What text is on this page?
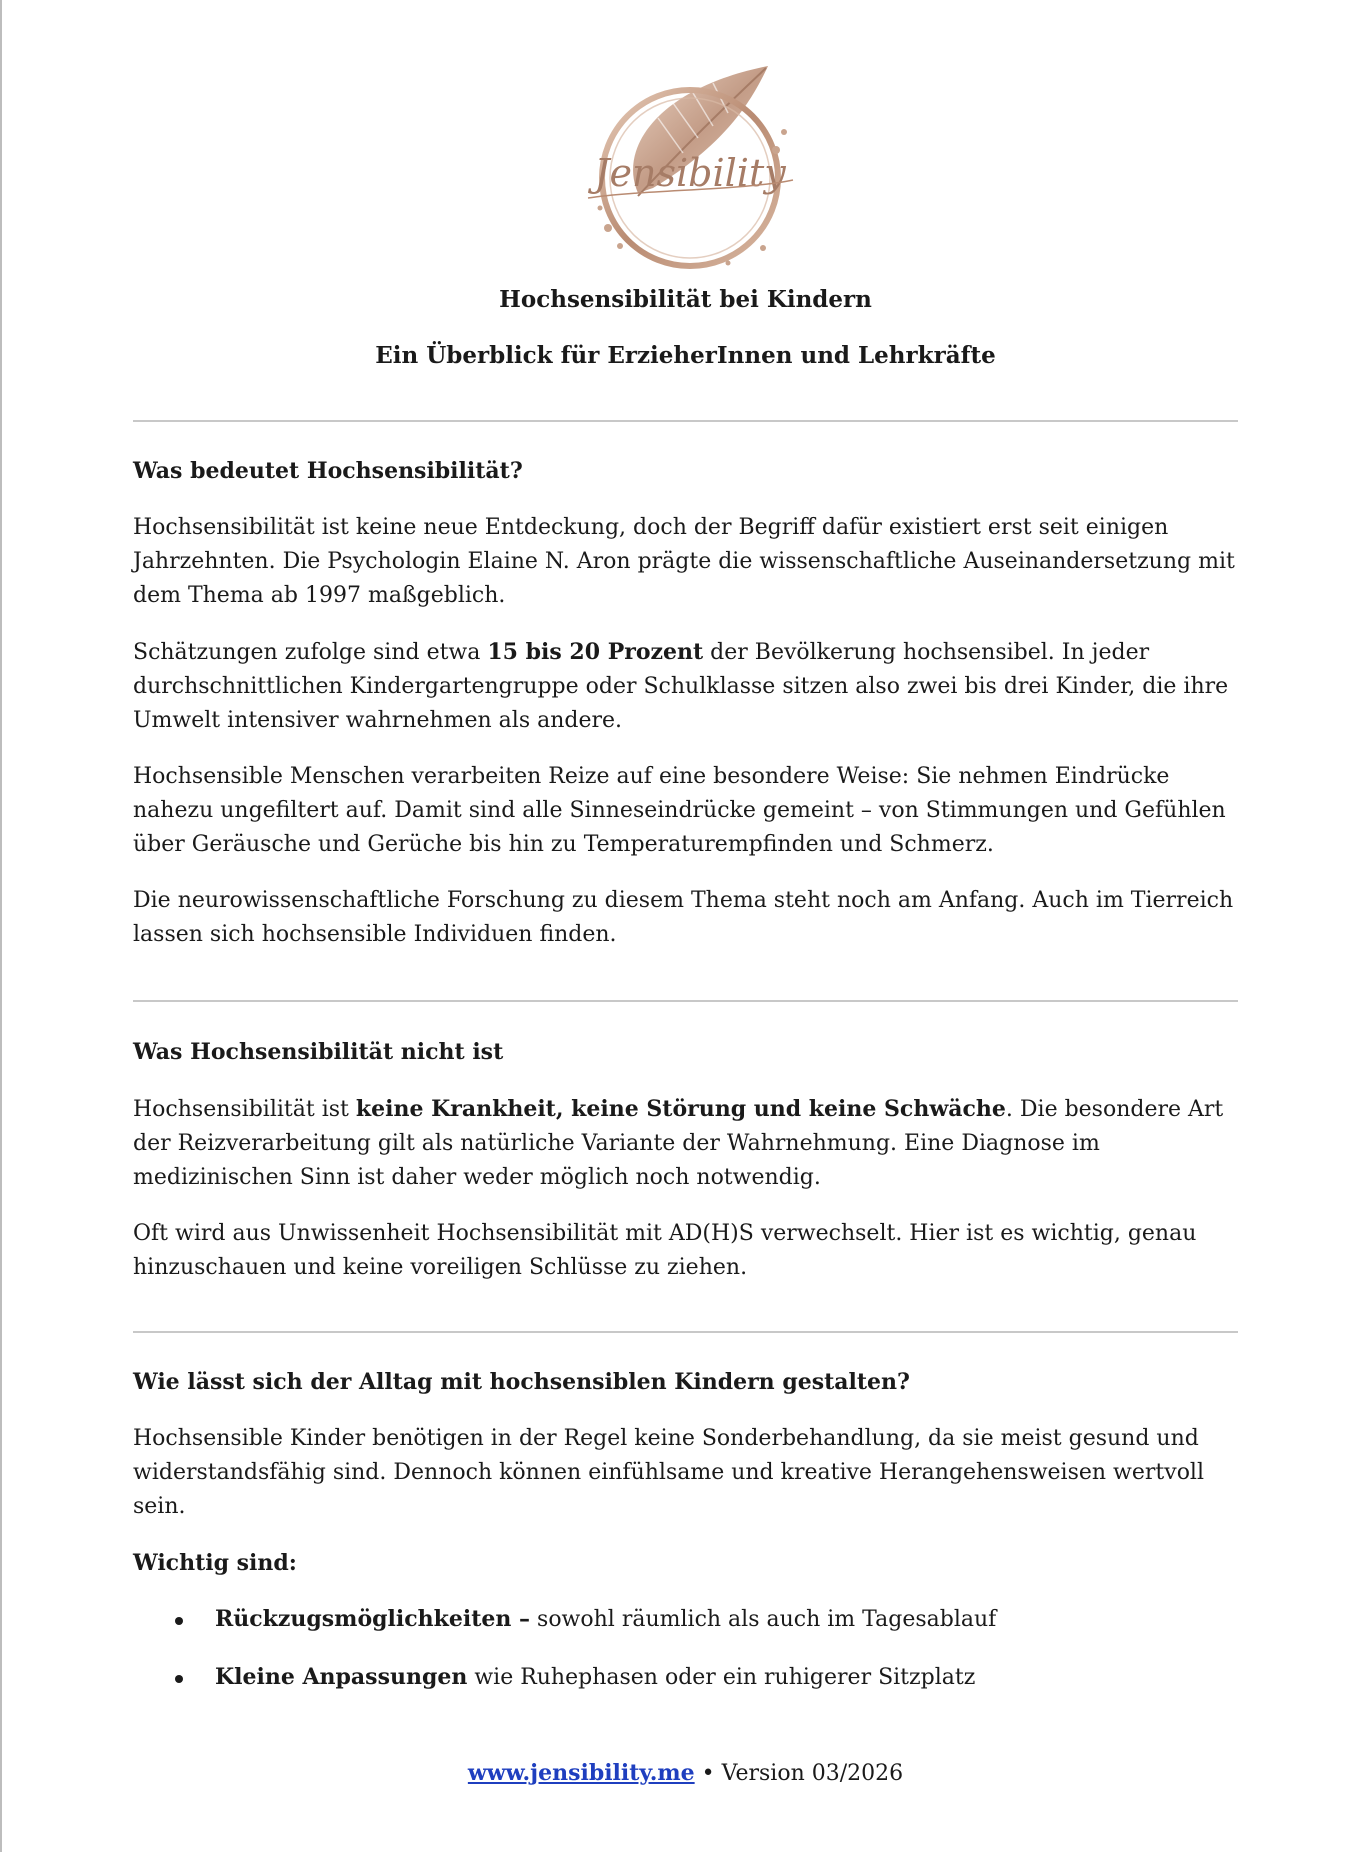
Jensibility
Hochsensibilität bei Kindern
Ein Überblick für ErzieherInnen und Lehrkräfte
Was bedeutet Hochsensibilität?

Hochsensibilität ist keine neue Entdeckung, doch der Begriff dafür existiert erst seit einigen Jahrzehnten. Die Psychologin Elaine N. Aron prägte die wissenschaftliche Auseinandersetzung mit dem Thema ab 1997 maßgeblich.

Schätzungen zufolge sind etwa 15 bis 20 Prozent der Bevölkerung hochsensibel. In jeder durchschnittlichen Kindergartengruppe oder Schulklasse sitzen also zwei bis drei Kinder, die ihre Umwelt intensiver wahrnehmen als andere.

Hochsensible Menschen verarbeiten Reize auf eine besondere Weise: Sie nehmen Eindrücke nahezu ungefiltert auf. Damit sind alle Sinneseindrücke gemeint – von Stimmungen und Gefühlen über Geräusche und Gerüche bis hin zu Temperaturempfinden und Schmerz.

Die neurowissenschaftliche Forschung zu diesem Thema steht noch am Anfang. Auch im Tierreich lassen sich hochsensible Individuen finden.

Was Hochsensibilität nicht ist

Hochsensibilität ist keine Krankheit, keine Störung und keine Schwäche. Die besondere Art der Reizverarbeitung gilt als natürliche Variante der Wahrnehmung. Eine Diagnose im medizinischen Sinn ist daher weder möglich noch notwendig.

Oft wird aus Unwissenheit Hochsensibilität mit AD(H)S verwechselt. Hier ist es wichtig, genau hinzuschauen und keine voreiligen Schlüsse zu ziehen.

Wie lässt sich der Alltag mit hochsensiblen Kindern gestalten?

Hochsensible Kinder benötigen in der Regel keine Sonderbehandlung, da sie meist gesund und widerstandsfähig sind. Dennoch können einfühlsame und kreative Herangehensweisen wertvoll sein.

Wichtig sind:

Rückzugsmöglichkeiten – sowohl räumlich als auch im Tagesablauf
Kleine Anpassungen wie Ruhephasen oder ein ruhigerer Sitzplatz
www.jensibility.me • Version 03/2026
